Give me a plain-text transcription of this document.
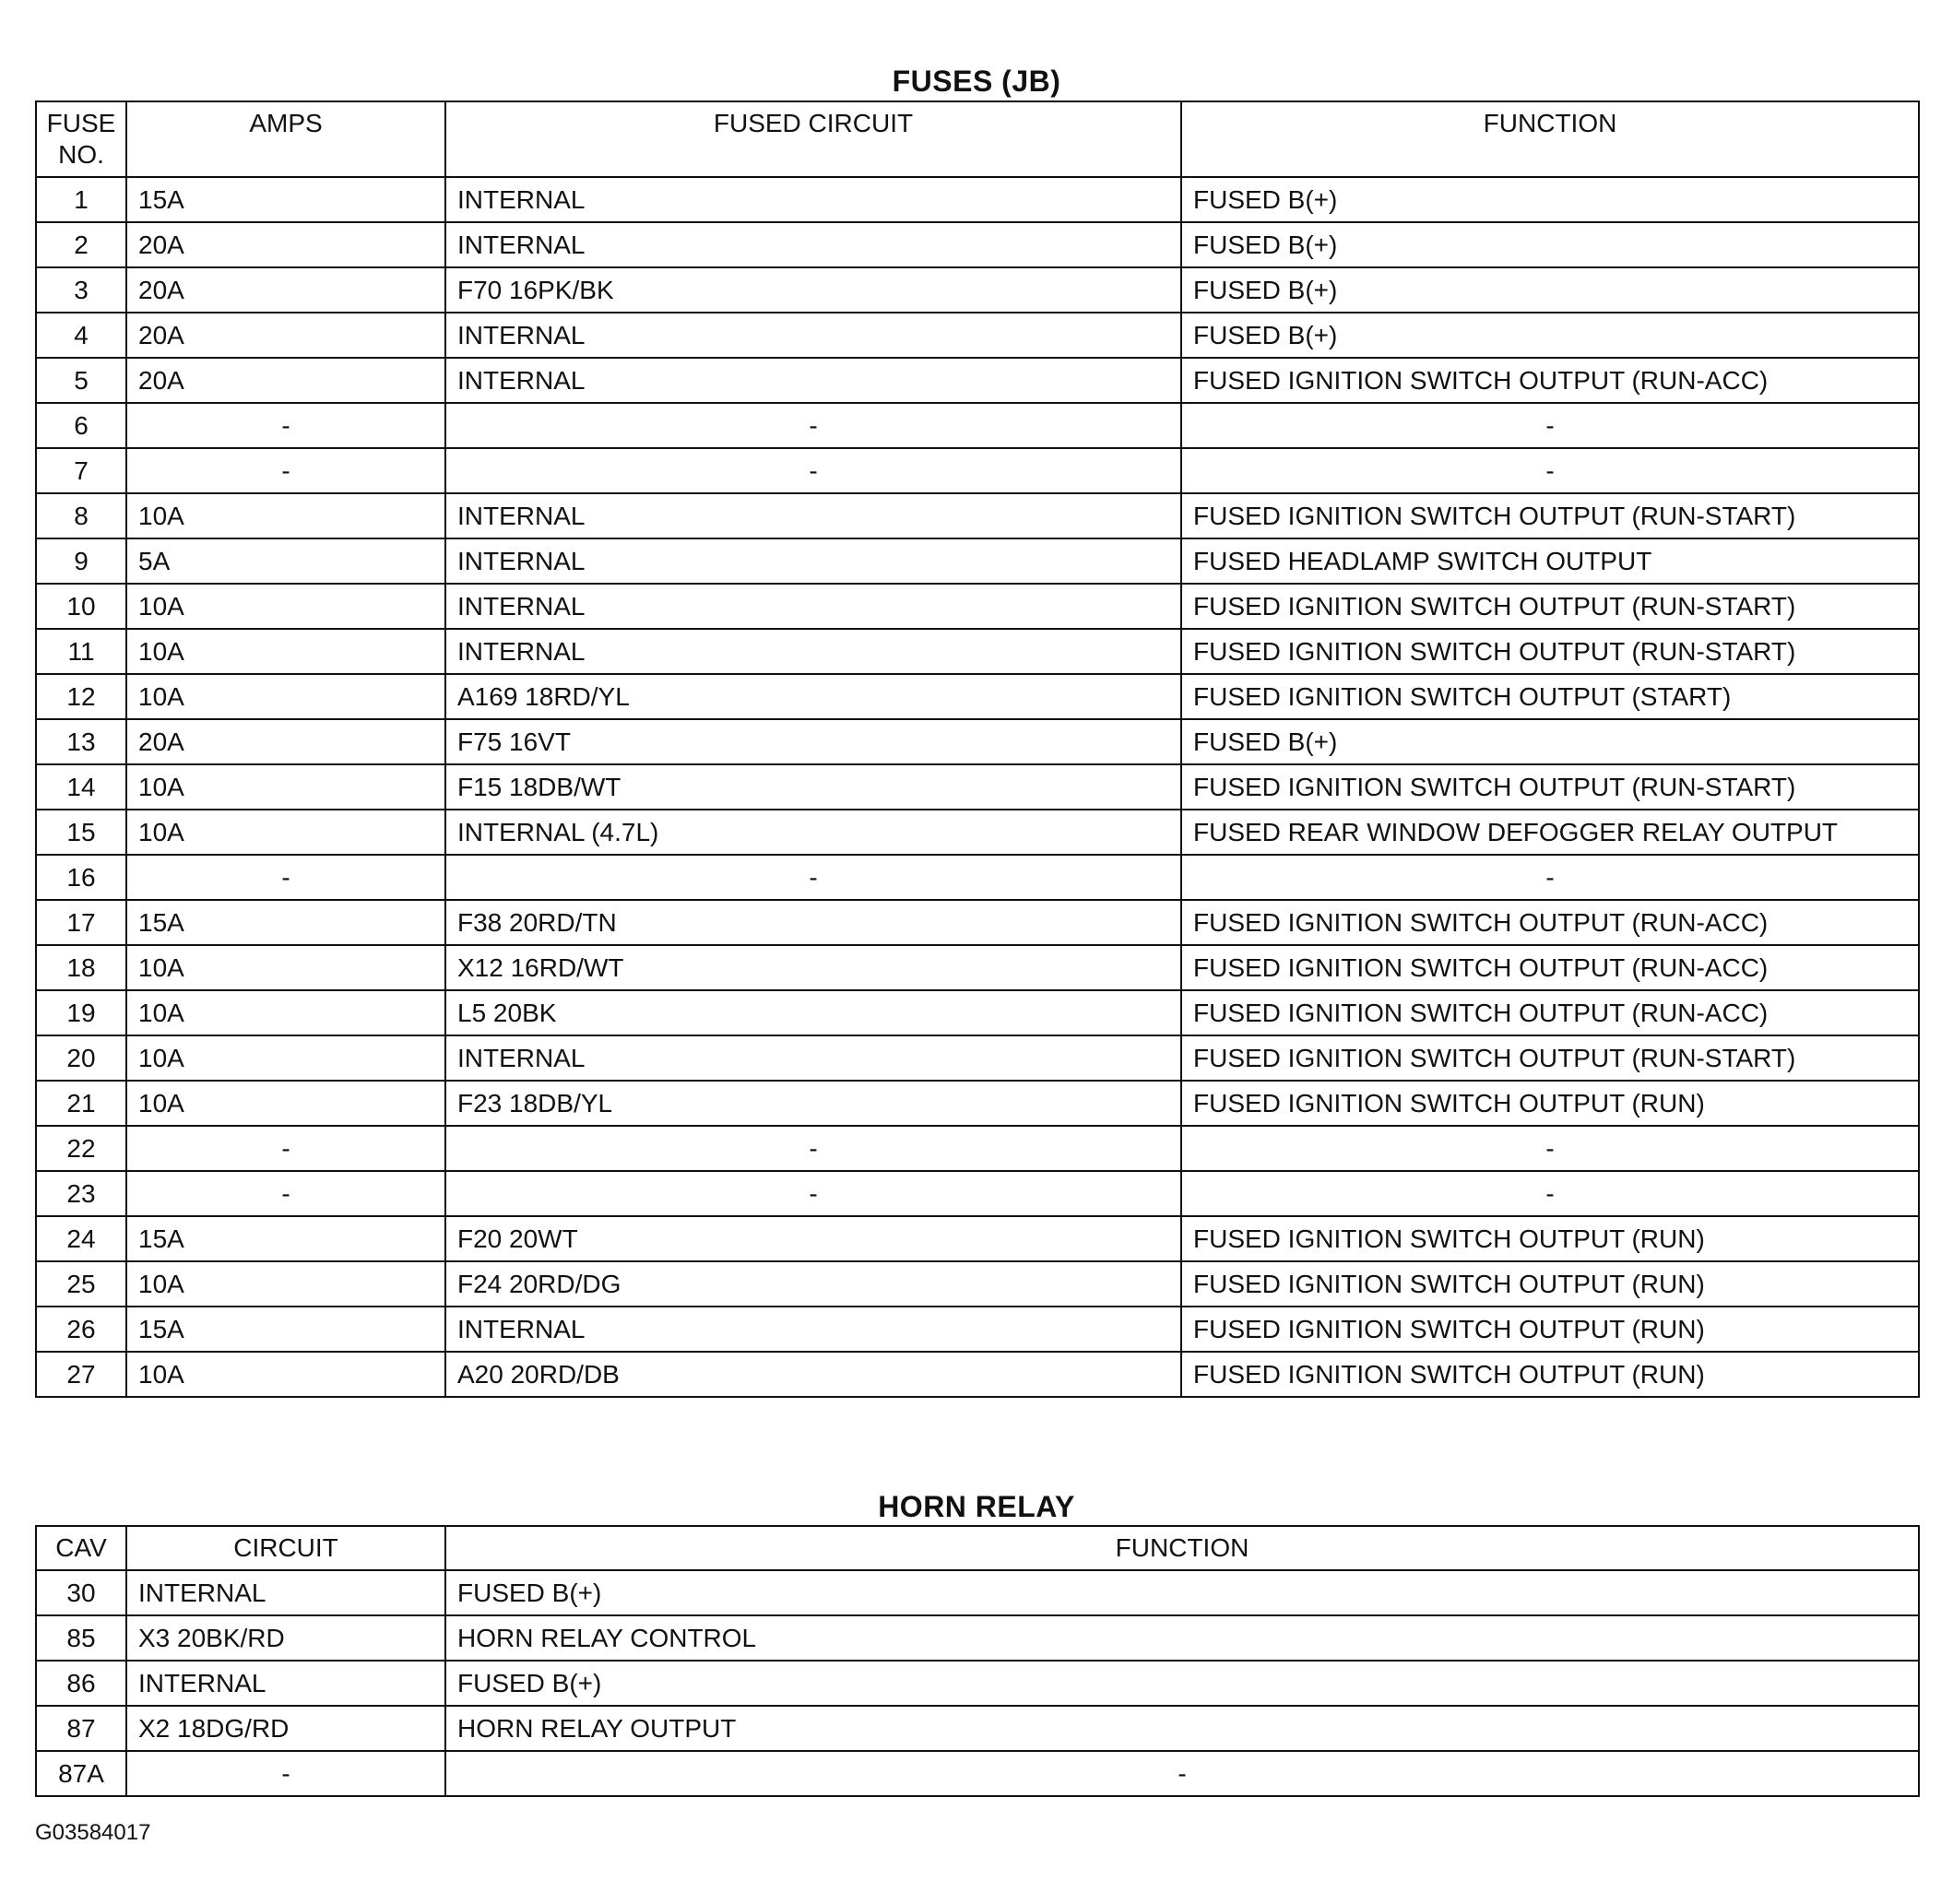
FUSES (JB)
FUSE NO.	AMPS	FUSED CIRCUIT	FUNCTION
1	15A	INTERNAL	FUSED B(+)
2	20A	INTERNAL	FUSED B(+)
3	20A	F70 16PK/BK	FUSED B(+)
4	20A	INTERNAL	FUSED B(+)
5	20A	INTERNAL	FUSED IGNITION SWITCH OUTPUT (RUN-ACC)
6	-	-	-
7	-	-	-
8	10A	INTERNAL	FUSED IGNITION SWITCH OUTPUT (RUN-START)
9	5A	INTERNAL	FUSED HEADLAMP SWITCH OUTPUT
10	10A	INTERNAL	FUSED IGNITION SWITCH OUTPUT (RUN-START)
11	10A	INTERNAL	FUSED IGNITION SWITCH OUTPUT (RUN-START)
12	10A	A169 18RD/YL	FUSED IGNITION SWITCH OUTPUT (START)
13	20A	F75 16VT	FUSED B(+)
14	10A	F15 18DB/WT	FUSED IGNITION SWITCH OUTPUT (RUN-START)
15	10A	INTERNAL (4.7L)	FUSED REAR WINDOW DEFOGGER RELAY OUTPUT
16	-	-	-
17	15A	F38 20RD/TN	FUSED IGNITION SWITCH OUTPUT (RUN-ACC)
18	10A	X12 16RD/WT	FUSED IGNITION SWITCH OUTPUT (RUN-ACC)
19	10A	L5 20BK	FUSED IGNITION SWITCH OUTPUT (RUN-ACC)
20	10A	INTERNAL	FUSED IGNITION SWITCH OUTPUT (RUN-START)
21	10A	F23 18DB/YL	FUSED IGNITION SWITCH OUTPUT (RUN)
22	-	-	-
23	-	-	-
24	15A	F20 20WT	FUSED IGNITION SWITCH OUTPUT (RUN)
25	10A	F24 20RD/DG	FUSED IGNITION SWITCH OUTPUT (RUN)
26	15A	INTERNAL	FUSED IGNITION SWITCH OUTPUT (RUN)
27	10A	A20 20RD/DB	FUSED IGNITION SWITCH OUTPUT (RUN)
HORN RELAY
CAV	CIRCUIT	FUNCTION
30	INTERNAL	FUSED B(+)
85	X3 20BK/RD	HORN RELAY CONTROL
86	INTERNAL	FUSED B(+)
87	X2 18DG/RD	HORN RELAY OUTPUT
87A	-	-
G03584017
